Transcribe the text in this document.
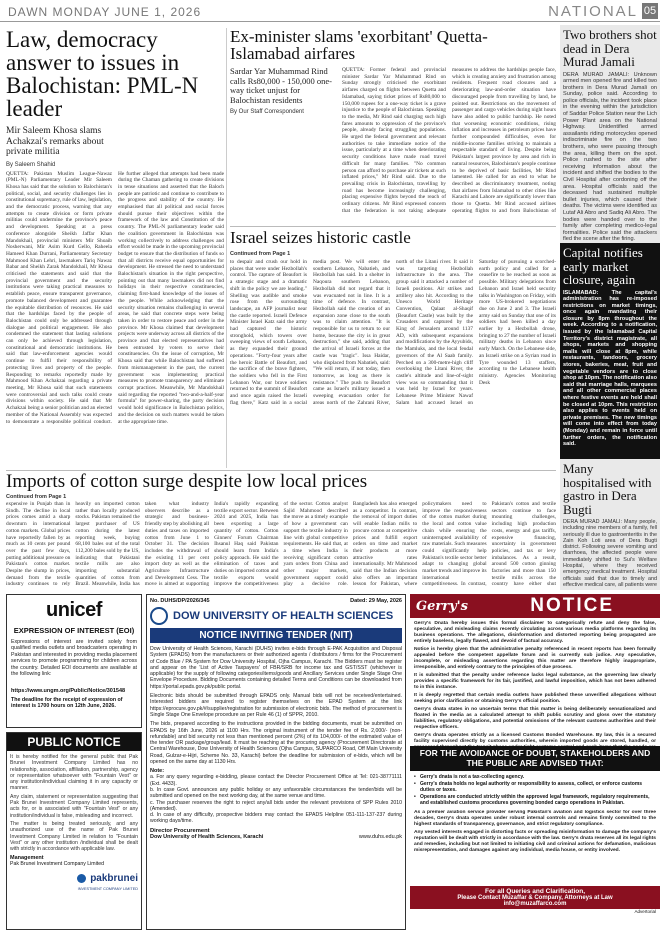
DAWN MONDAY JUNE 1, 2026	NATIONAL 05
Law, democracy answer to issues in Balochistan: PML-N leader
Mir Saleem Khosa slams Achakzai's remarks about private militia
By Saleem Shahid
QUETTA: Pakistan Muslim League-Nawaz (PML-N) Parliamentary Leader Mir Saleem Khosa has said that the solution to Balochistan's political, social, and security challenges lies in constitutional supremacy, rule of law, legislation, and the democratic process, warning that any attempts to create division or form private militias could undermine the province's peace and development. Speaking at a press conference alongside Sheikh Jaffar Khan Mandokhail, provincial ministers Mir Shoaib Nosherwani, Mir Asim Kurd Gello, Raheela Hameed Khan Durrani, Parliamentary Secretary Mahmood Khan Lehri, lawmakers Tariq Nawaz Babar and Sheikh Zarak Mandokhail, Mr Khosa criticised the statements and said that the provincial government and the security institutions were taking practical measures to establish peace, ensure transparent governance, promote balanced development and guarantee the equitable distribution of resources. He said that the hardships faced by the people of Balochistan could only be addressed through dialogue and political engagement. He also condemned the statement that lasting solutions can only be achieved through legislation, constitutional and democratic institutions. He said that law-enforcement agencies would continue to fulfil their responsibility of protecting lives and property of the people. Responding to remarks reportedly made by Mahmood Khan Achakzai regarding a private meeting, Mr Khosa said that such statements were controversial and such talks could create divisions within society. He said that Mr Achakzai being a senior politician and an elected member of the National Assembly was expected to demonstrate a responsible political conduct. He further alleged that attempts had been made during the Chaman gathering to create divisions in tense situations and asserted that the Baloch people are patriotic and continue to contribute to the progress and stability of the country. He emphasised that all political and social forces should pursue their objectives within the framework of the law and Constitution of the country. The PML-N parliamentary leader said the coalition government in Balochistan was working collectively to address challenges and effort would be made in the upcoming provincial budget to ensure that the distribution of funds so that all districts receive equal opportunities for development. He stressed the need to understand Balochistan's situation in the right perspective, pointing out that many lawmakers did not find holidays in their respective constituencies, claiming first-hand knowledge of the issues of the people. While acknowledging that the security situation remains challenging in several areas, he said that concrete steps were being taken in order to restore peace and order in the province. Mr Khosa claimed that development projects were underway across all districts of the province and that elected representatives had been entrusted by voters to serve their constituencies. On the issue of corruption, Mr Khosa said that while Balochistan had suffered from mismanagement in the past, the current government was implementing practical measures to promote transparency and eliminate corrupt practices. Meanwhile, Mr Mandokhail said regarding the reported "two-and-a-half-year formula" for power-sharing, the party decision would hold significance in Balochistan politics, and the decision on such matters would be taken at the appropriate time.
Ex-minister slams 'exorbitant' Quetta-Islamabad airfares
Sardar Yar Muhammad Rind calls Rs80,000 - 150,000 one-way ticket unjust for Balochistan residents
By Our Staff Correspondent
QUETTA: Former federal and provincial minister Sardar Yar Muhammad Rind on Sunday strongly criticised the exorbitant airfares charged on flights between Quetta and Islamabad, saying ticket prices of Rs80,000 to 150,000 rupees for a one-way ticket is a grave injustice to the people of Balochistan. Speaking to the media, Mr Rind said charging such high fares amounts to oppression of the province's people, already facing struggling populations. He urged the federal government and relevant authorities to take immediate notice of the issue, particularly at a time when deteriorating security conditions have made road travel difficult for many families. "No common person can afford to purchase air tickets at such inflated prices," Mr Rind said. Due to the prevailing crisis in Balochistan, travelling by road has become increasingly challenging, placing expensive flights beyond the reach of ordinary citizens. Mr Rind expressed concern that the federation is not taking adequate measures to address the hardships people face, which is creating anxiety and frustration among residents. Frequent road closures and a deteriorating law-and-order situation have discouraged people from travelling by land, he pointed out. Restrictions on the movement of passenger and cargo vehicles during night hours have also added to public hardship. He noted that worsening economic conditions, rising inflation and increases in petroleum prices have further compounded difficulties, even for middle-income families striving to maintain a respectable standard of living. Despite being Pakistan's largest province by area and rich in natural resources, Balochistan's people continue to be deprived of basic facilities, Mr Rind lamented. He called for an end to what he described as discriminatory treatment, noting that airfares from Islamabad to other cities like Karachi and Lahore are significantly lower than those to Quetta. Mr Rind accused airlines operating flights to and from Balochistan of
Israel seizes historic castle
Continued from Page 1
to despair and crush our hold in places that were under Hezbollah's control. The capture of Beaufort is a strategic stage and a dramatic shift in the policy we are leading." Shelling was audible and smoke rose from the surrounding landscape, an AFP journalist near the castle reported. Israeli Defence Minister Israel Katz said the army had captured the historic stronghold, which towers over sweeping views of south Lebanon, as they expanded their ground operations. "Forty-four years after the heroic Battle of Beaufort, and the sacrifice of the brave fighters, the soldiers who fell in the First Lebanon War, our brave soldiers returned to the summit of Beaufort and once again raised the Israeli flag there," Katz said in a social media post. We will enter the southern Lebanon, Nabatieh, and Hezbollah has said. In a shelter in Naqoura southern Lebanon, Hezbollah did not regard that it was evacuated not in line. It is a time of defence. In contrast, Hezbollah said the creation of an expansion zone close to the south was to claim attention. "It is responsible for us to return to our home, because the city is in great destruction," she said, adding that the arrival of Israeli forces at the castle was "tragic". Issa Haidar, who displaced from Nabatieh, said: "We will return, if not today, then tomorrow, as long as there is resistance." The push to Beaufort came as Israel's military issued a sweeping evacuation order for areas north of the Zahrani River, north of the Litani river. It said it was targeting Hezbollah infrastructure in the area. The group said it attacked a number of Israeli positions. Air strikes and artillery also hit. According to the Unesco World Heritage Convention, Qalaat al-Shaqif (Beaufort Castle) was built by the Crusaders and captured by the King of Jerusalem around 1137 AD, with subsequent expansions and modifications by the Ayyubids, the Mamluks, and the local feudal governors of the Al Saab family. Perched on a 300-metre-high cliff overlooking the Litani River, the castle's altitude and line-of-sight view was so commanding that it was held by Israel for years. Lebanese Prime Minister Nawaf Salam had accused Israel on Saturday of pursuing a scorched-earth policy and called for a ceasefire to be reached as soon as possible. Military delegations from Lebanon and Israel held security talks in Washington on Friday, with more US-brokered negotiations due on June 2 and 3. The Israeli army said on Sunday that one of its soldiers had been killed a day earlier by a Hezbollah drone, bringing to 27 the number of Israeli military deaths in Lebanon since early March. On the Lebanese side, an Israeli strike on a Syrian road in Tyre wounded 13 staffers, according to the Lebanese health ministry. Agencies Monitoring Desk
Imports of cotton surge despite low local prices
Continued from Page 1
expensive in Punjab than in Sindh. The decline in local prices comes amid a sharp downturn in international cotton markets. Global prices have reportedly fallen by as much as 10 cents per pound over the past few days, putting additional pressure on Pakistan's cotton market. Despite the slump in prices, demand from the textile industry continues to rely heavily on imported cotton rather than locally produced stocks. Pakistan remained the largest purchaser of US cotton during the latest reporting week, buying 68,100 bales out of the total 112,200 bales sold by the US, indicating that Pakistani textile mills are also importing substantial quantities of cotton from Brazil. Meanwhile, India has taken what industry observers describe as a strategic and business-friendly step by abolishing all duties and taxes on imported cotton from June 1 to October 31. The decision includes the withdrawal of the existing 11 per cent import duty as well as the Agriculture Infrastructure and Development Cess. The move is aimed at supporting India's rapidly expanding textile export sector. Between 2024 and 2025, India has been exporting a large quantity of cotton. Cotton Ginners' Forum Chairman Ihsanul Haq said Pakistan should learn from India's policy approach. He said the elimination of taxes and duties on imported cotton and textile exports would improve the competitiveness of the sector. Cotton analyst Sajid Mahmood described the move as a timely example of how a government can support the textile industry in line with global competitive requirements. He said that, at a time when India is receiving significant cotton yarn orders from China and other major markets, government support could play a decisive role. Bangladesh has also emerged as a competitor. In contrast, the removal of import duties will enable Indian mills to procure cotton at competitive prices and fulfill export orders on time and market their products at more attractive rates internationally. Mr Mahmood said that the Indian decision also offers an important lesson for Pakistan, where policymakers need to improve the responsiveness of the cotton market during the local and cotton value chain while ensuring the uninterrupted availability of raw materials. Such measures could significantly help Pakistan's textile sector better adapt to changing global market trends and improve its international competitiveness. In contrast, Pakistan's cotton and textile sectors continue to face mounting challenges, including high production costs, energy and gas tariffs, expensive financing, uncertainty in government policies, and tax or levy imbalances. As a result, around 500 cotton ginning factories and more than 150 textile mills across the country have either shut
Two brothers shot dead in Dera Murad Jamali
DERA MURAD JAMALI: Unknown armed men opened fire and killed two brothers in Dera Murad Jamali on Sunday, police said. According to police officials, the incident took place in the evening within the jurisdiction of Saddar Police Station near the Lich Power Plant area on the National Highway. Unidentified armed assailants riding motorcycles opened indiscriminate fire on the two brothers, who were passing through the area, killing them on the spot. Police rushed to the site after receiving information about the incident and shifted the bodies to the Civil Hospital after cordoning off the area. Hospital officials said the deceased had sustained multiple bullet injuries, which caused their deaths. The victims were identified as Lutaf Ali Abro and Sadiq Ali Abro. The bodies were handed over to the family after completing medico-legal formalities. Police said the attackers fled the scene after the firing.
Capital notifies early market closure, again
ISLAMABAD: The capital's administration has re-imposed restrictions on market timings, once again mandating their closure by 8pm throughout the week. According to a notification, issued by the Islamabad Capital Territory's district magistrate, all shops, markets and shopping malls will close at 8pm, while restaurants, tandoors, grocery stores, bakeries, meat, fruit and vegetable vendors are to close shop at 10pm. The notification also said that marriage halls, marquees and all other commercial places where festive events are held shall be closed at 10pm. This restriction also applies to events held on private premises. The new timings will come into effect from today (Monday) and remain in force until further orders, the notification said.
Many hospitalised with gastro in Dera Bugti
DERA MURAD JAMALI: Many people, including nine members of a family, fell seriously ill due to gastroenteritis in the Zain Koh Loti area of Dera Bugti district. Following severe vomiting and diarrhoea, the affected people were immediately shifted to Sui's Welfare Hospital, where they received emergency medical treatment. Hospital officials said that due to timely and effective medical care, all patients were
unicef
EXPRESSION OF INTEREST (EOI)
Expressions of interest are invited solely from qualified media outlets and broadcasters operating in Pakistan and interested in providing media placement services to promote programming for children across the country. Detailed EOI documents are available at the following link:
https://www.ungm.org/Public/Notice/301548
The deadline for the receipt of expression of interest is 1700 hours on 12th June, 2026.
PUBLIC NOTICE

It is hereby notified for the general public that Pak Brunei Investment Company Limited has no relationship, association, affiliation, partnership, agency or representation whatsoever with "Fountain Vest" or any institution/individual claiming it in any capacity or manner.

Any claim, statement or representation suggesting that Pak Brunei Investment Company Limited represents, acts for, or is associated with "Fountain Vest" or any institution/individual is false, misleading and incorrect.

The matter is being treated seriously, and any unauthorized use of the name of Pak Brunei Investment Company Limited in relation to "Fountain Vest" or any other institution /individual shall be dealt with strictly in accordance with applicable law.

Management
Pak Brunei Investment Company Limited
pakbrunei
INVESTMENT COMPANY LIMITED
No. DUHS/DP/2026/345	Dated: 29 May, 2026
DOW UNIVERSITY OF HEALTH SCIENCES
NOTICE INVITING TENDER (NIT)

Dow University of Health Sciences, Karachi (DUHS) invites e-bids through E-PAK Acquisition and Disposal System (EPADS) from the manufacturers or their authorized agents / distributors / firms for the Procurement of Code Blue / PA System for Dow University Hospital, Ojha Campus, Karachi. The Bidders must be register and appear on the 'List of Active Taxpayers' of FBR/SRB for income tax and GST/SST (whichever is applicable) for the supply of following categories/items/goods and Ancillary Services under Single Stage One Envelope Procedure. Bidding Documents containing detailed Terms and Conditions can be downloaded from https://portal.epads.gov.pk/public portal.

Electronic bids should be submitted through EPADS only. Manual bids will not be received/entertained. Interested bidders are required to register themselves on the EPAD System at the link https://eprocure.gov.pk/#/supplier/registration for submission of electronic bids. The method of procurement is Single Stage One Envelope procedure as per Rule 46 (1) of SPPR, 2010.

The bids, prepared according to the instructions provided in the bidding documents, must be submitted on EPADS by 16th June, 2026 at 1100 Hrs. The original instrument of the tender fee of Rs. 2,000/- (non-refundable) and bid security not less than mentioned percent (2%) of its 104,000/- of the estimated value of the tender OR package/group/lead. It must be reaching at the procuring agency (Procurement Directorate at Central Warehouse, Dow University of Health Sciences (Ojha Campus, SUPARCO Road, Off Main University Road, Gulzar-e-Hijri, Scheme No. 33, Karachi) before the deadline for submission of e-bids, which will be opened on the same day at 1130 Hrs.

Note:

a. For any query regarding e-bidding, please contact the Director Procurement Office at Tel: 021-38771111 (Ext. 4433).

b. In case Govt. announces any public holiday or any unfavorable circumstances the tender/bids will be submitted and opened on the next working day, at the same venue and time.

c. The purchaser reserves the right to reject any/all bids under the relevant provisions of SPP Rules 2010 (Amended).

d. In case of any difficulty, prospective bidders may contact the EPADS Helpline 051-111-137-237 during working days/time.

Director Procurement
Dow University of Health Sciences, Karachi	www.duhs.edu.pk
Gerry's	NOTICE

Gerry's Dnata hereby issues this formal disclaimer to categorically refute and deny the false, speculative, and misleading claims recently circulating across various media platforms regarding its business operations. The allegations, disinformation and distorted reporting being propagated are entirely baseless, legally flawed, and devoid of factual accuracy.

Notice is hereby given that the administrative penalty referenced in recent reports has been formally appealed before the competent appellate forum and is currently sub judice. Any speculative, incomplete, or misleading assertions regarding this matter are therefore highly inappropriate, irresponsible, and entirely contrary to the principles of due process.

It is submitted that the penalty under reference lacks legal substance, as the governing law clearly provides a specific framework for its fair, justified, and lawful imposition, which has not been adhered to in this instance.

It is deeply regretted that certain media outlets have published these unverified allegations without seeking prior clarification or obtaining Gerry's official position.

Gerry's dnata states in no uncertain terms that this matter is being deliberately sensationalized and floated in the media as a calculated attempt to shift public scrutiny and gloss over the statutory liabilities, regulatory obligations, and potential omissions of the relevant customs authorities and their respective officers.

Gerry's dnata operates strictly as a licensed Customs Bonded Warehouse. By law, this is a secured facility supervised directly by customs authorities, wherein imported goods are stored, handled, or

FOR THE AVOIDANCE OF DOUBT, STAKEHOLDERS AND THE PUBLIC ARE ADVISED THAT:
• Gerry's dnata is not a tax-collecting agency.
• Gerry's dnata holds no legal authority or responsibility to assess, collect, or enforce customs duties or taxes.
• Operations are conducted strictly within the approved legal framework, regulatory requirements, and established customs procedures governing bonded cargo operations in Pakistan.

As a premier aviation service provider serving Pakistan's aviation and logistics sector for over three decades, Gerry's dnata operates under robust internal controls and remains firmly committed to the highest standards of transparency, governance, and strict regulatory compliance.

Any vested interests engaged in distorting facts or spreading misinformation to damage the company's reputation will be dealt with strictly in accordance with the law. Gerry's dnata reserves all its legal rights and remedies, including but not limited to initiating civil and criminal actions for defamation, malicious misrepresentation, and damages against any individual, media house, or entity involved.

For all Queries and Clarification,
Please Contact Muzaffar & Company, Attorneys at Law
info@muzaffarco.com
Advertorial
